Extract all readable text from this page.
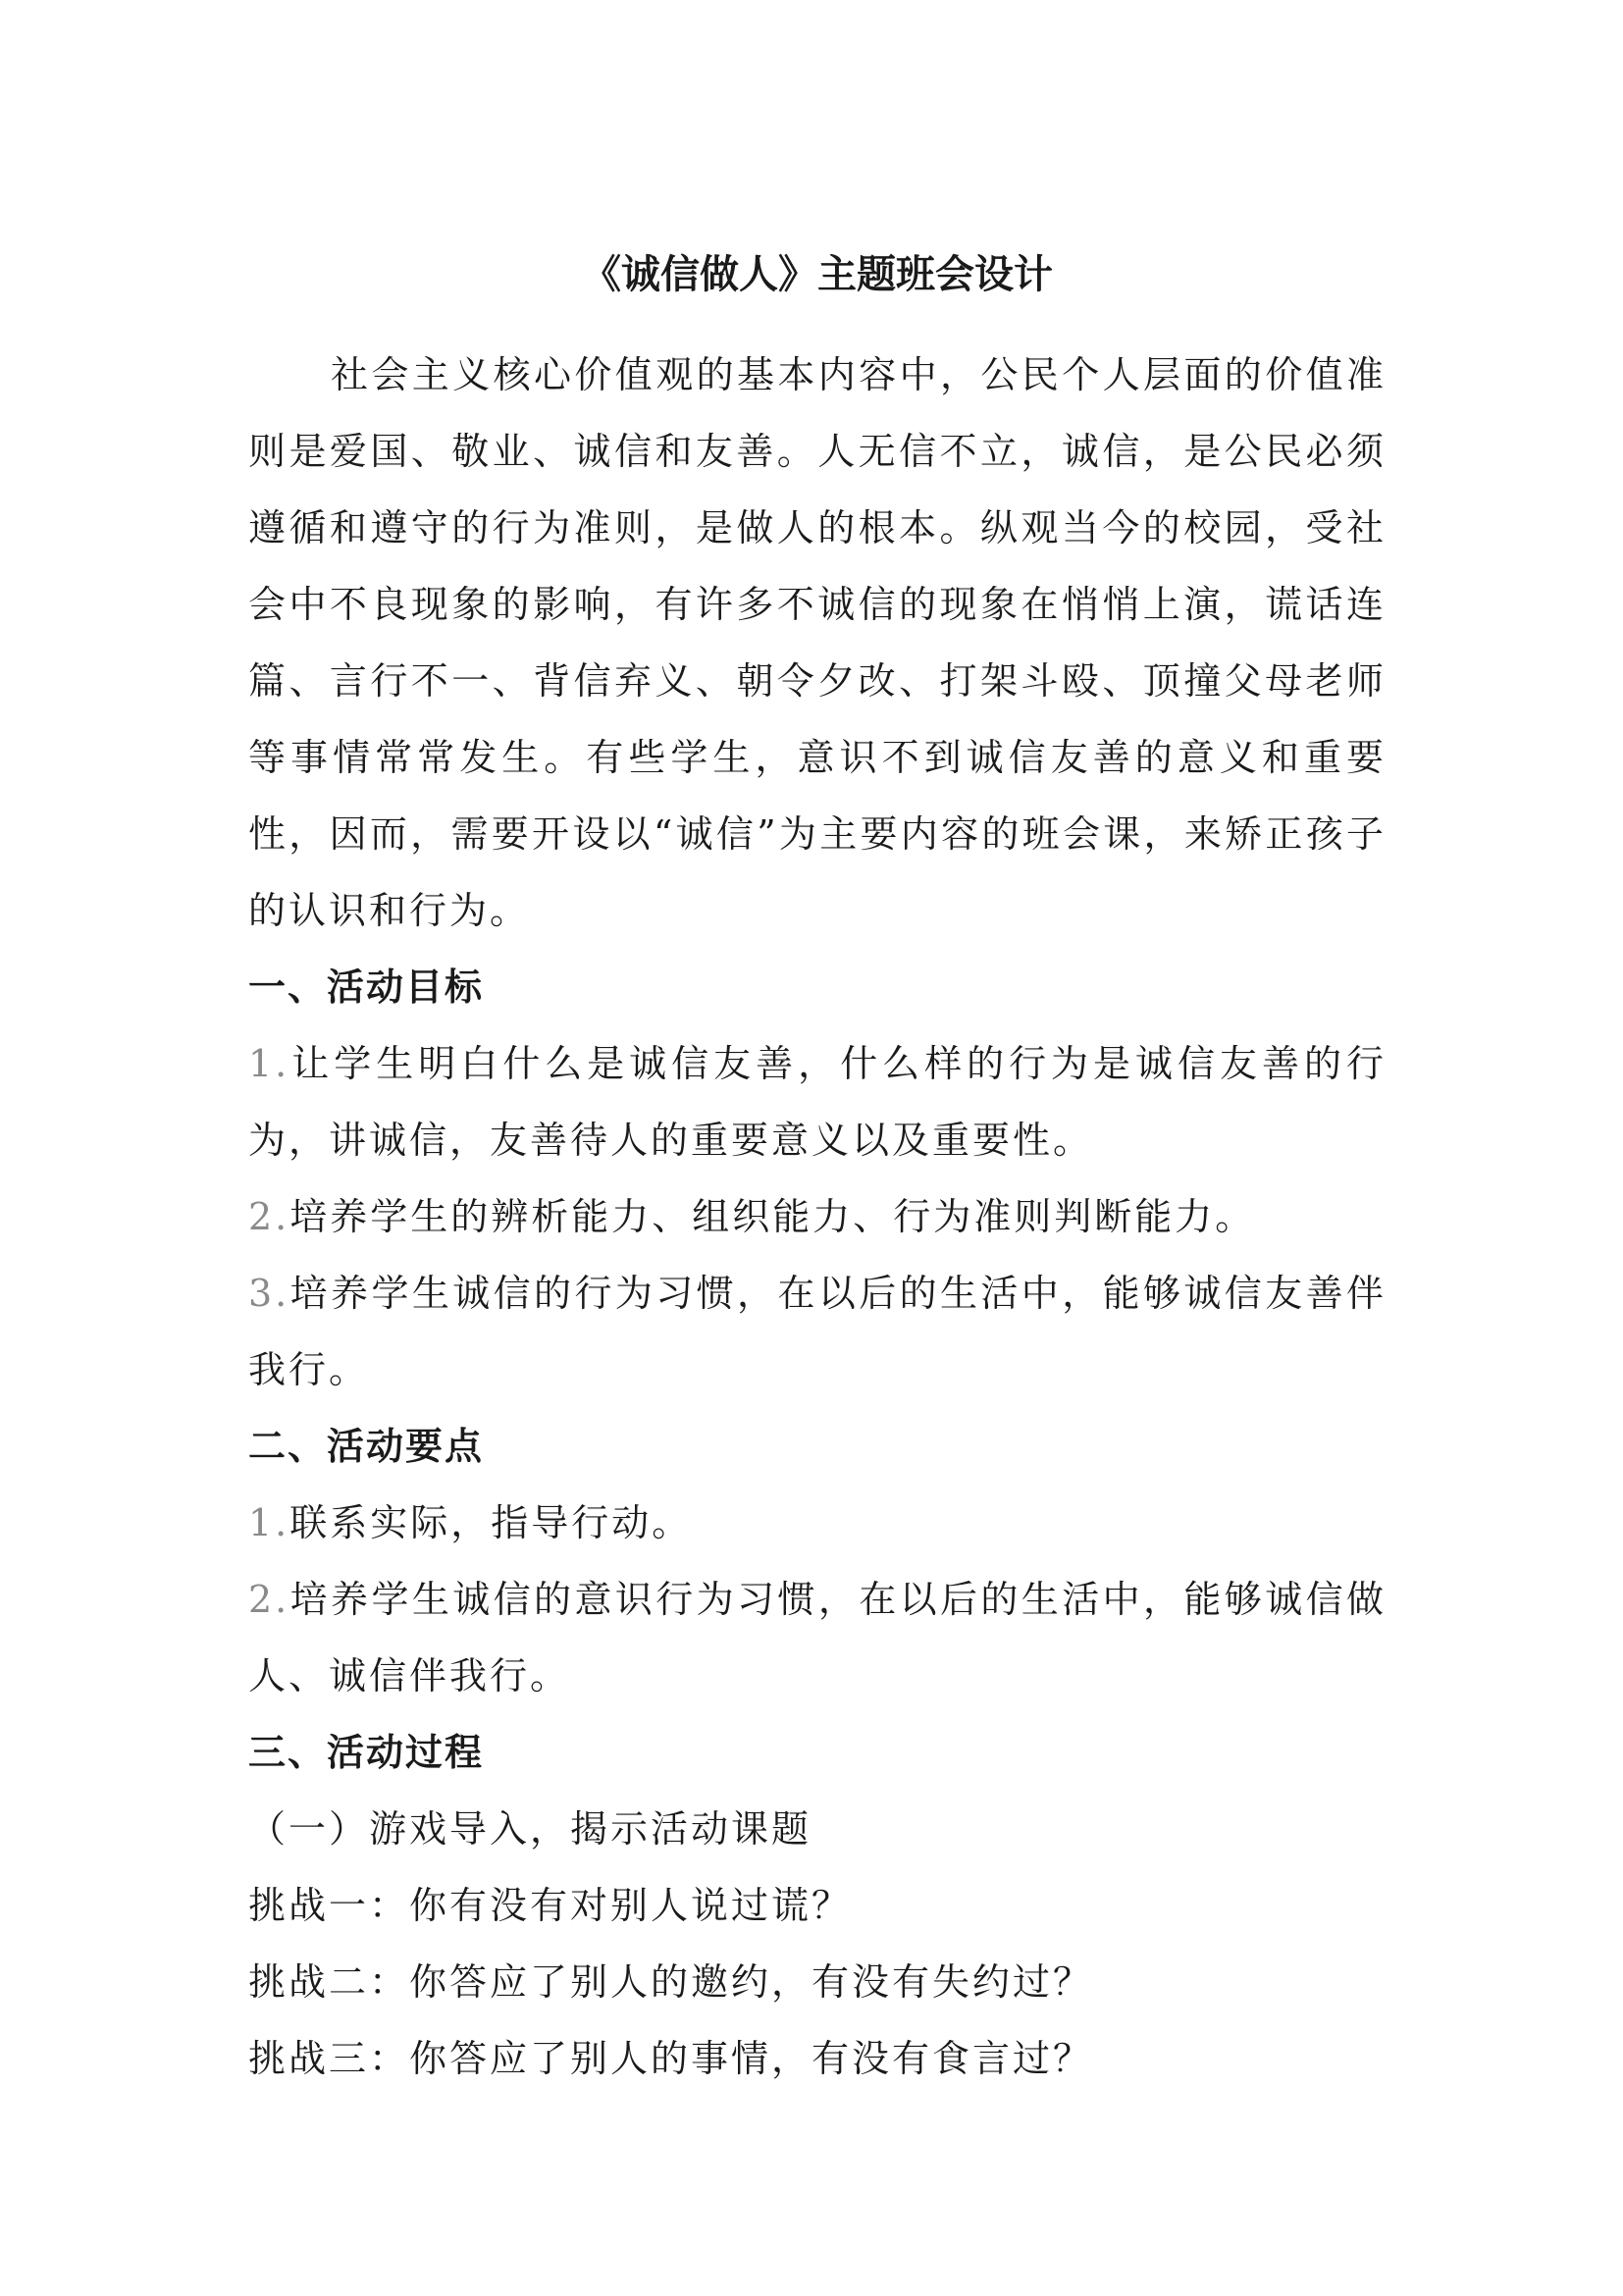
《诚信做人》主题班会设计

社会主义核心价值观的基本内容中，公民个人层面的价值准则是爱国、敬业、诚信和友善。人无信不立，诚信，是公民必须遵循和遵守的行为准则，是做人的根本。纵观当今的校园，受社会中不良现象的影响，有许多不诚信的现象在悄悄上演，谎话连篇、言行不一、背信弃义、朝令夕改、打架斗殴、顶撞父母老师等事情常常发生。有些学生，意识不到诚信友善的意义和重要性，因而，需要开设以“诚信”为主要内容的班会课，来矫正孩子的认识和行为。

一、活动目标

1.让学生明白什么是诚信友善，什么样的行为是诚信友善的行为，讲诚信，友善待人的重要意义以及重要性。

2.培养学生的辨析能力、组织能力、行为准则判断能力。

3.培养学生诚信的行为习惯，在以后的生活中，能够诚信友善伴我行。

二、活动要点

1.联系实际，指导行动。

2.培养学生诚信的意识行为习惯，在以后的生活中，能够诚信做人、诚信伴我行。

三、活动过程

（一）游戏导入，揭示活动课题

挑战一：你有没有对别人说过谎？

挑战二：你答应了别人的邀约，有没有失约过？

挑战三：你答应了别人的事情，有没有食言过？
